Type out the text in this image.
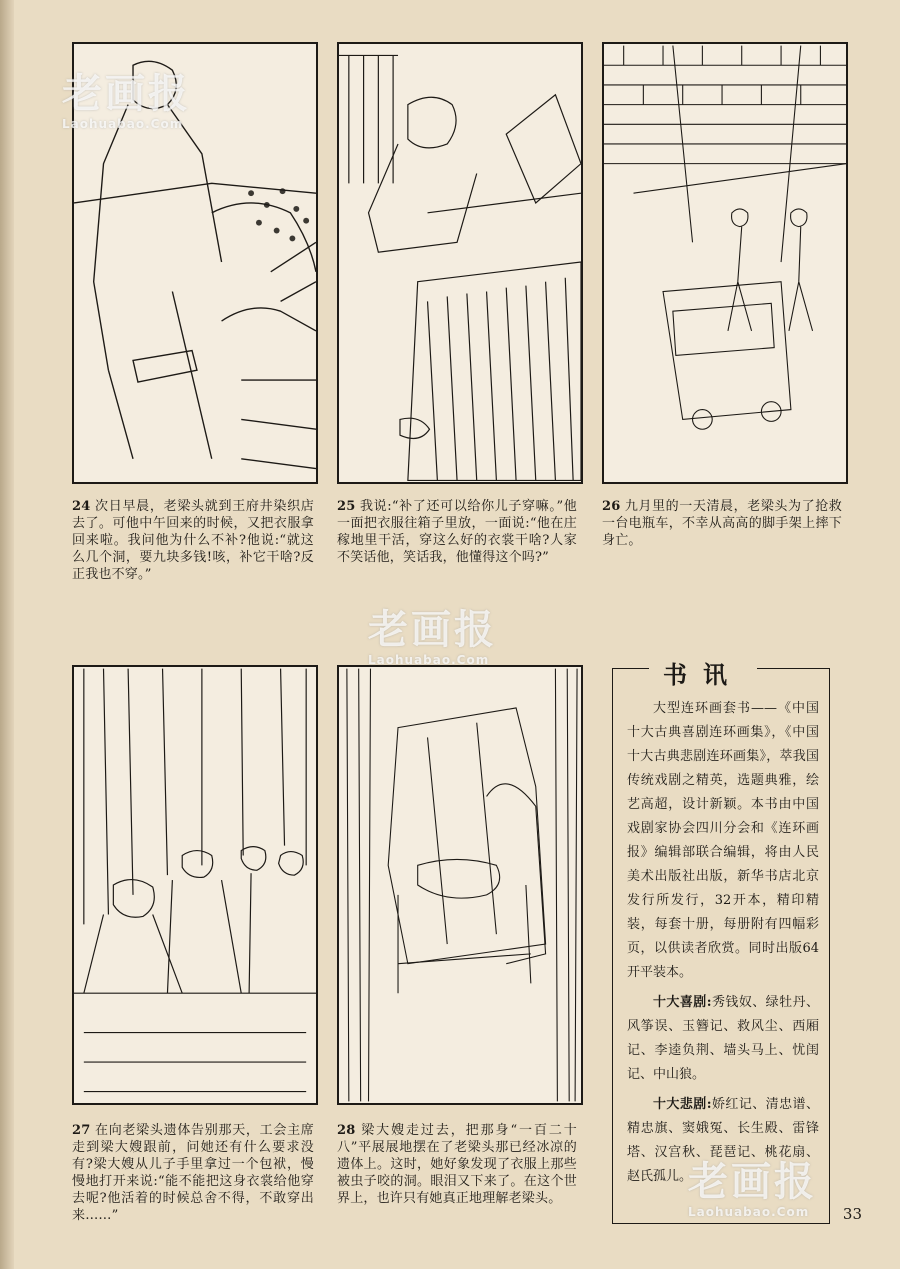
24 次日早晨，老梁头就到王府井染织店去了。可他中午回来的时候，又把衣服拿回来啦。我问他为什么不补?他说:“就这么几个洞，要九块多钱!咳，补它干啥?反正我也不穿。”
25 我说:“补了还可以给你儿子穿嘛。”他一面把衣服往箱子里放，一面说:“他在庄稼地里干活，穿这么好的衣裳干啥?人家不笑话他，笑话我，他懂得这个吗?”
26 九月里的一天清晨，老梁头为了抢救一台电瓶车，不幸从高高的脚手架上摔下身亡。
27 在向老梁头遗体告别那天，工会主席走到梁大嫂跟前，问她还有什么要求没有?梁大嫂从儿子手里拿过一个包袱，慢慢地打开来说:“能不能把这身衣裳给他穿去呢?他活着的时候总舍不得，不敢穿出来……”
28 梁大嫂走过去，把那身“一百二十八”平展展地摆在了老梁头那已经冰凉的遗体上。这时，她好象发现了衣服上那些被虫子咬的洞。眼泪又下来了。在这个世界上，也许只有她真正地理解老梁头。
书讯

大型连环画套书——《中国十大古典喜剧连环画集》，《中国十大古典悲剧连环画集》，萃我国传统戏剧之精英，选题典雅，绘艺高超，设计新颖。本书由中国戏剧家协会四川分会和《连环画报》编辑部联合编辑，将由人民美术出版社出版，新华书店北京发行所发行，32开本，精印精装，每套十册，每册附有四幅彩页，以供读者欣赏。同时出版64开平装本。

十大喜剧:秀钱奴、绿牡丹、风筝误、玉簪记、救风尘、西厢记、李逵负荆、墙头马上、忧闺记、中山狼。

十大悲剧:娇红记、清忠谱、精忠旗、窦娥冤、长生殿、雷锋塔、汉宫秋、琵琶记、桃花扇、赵氏孤儿。

老画报
Laohuabao.Com
老画报
Laohuabao.Com
老画报
Laohuabao.Com	33
